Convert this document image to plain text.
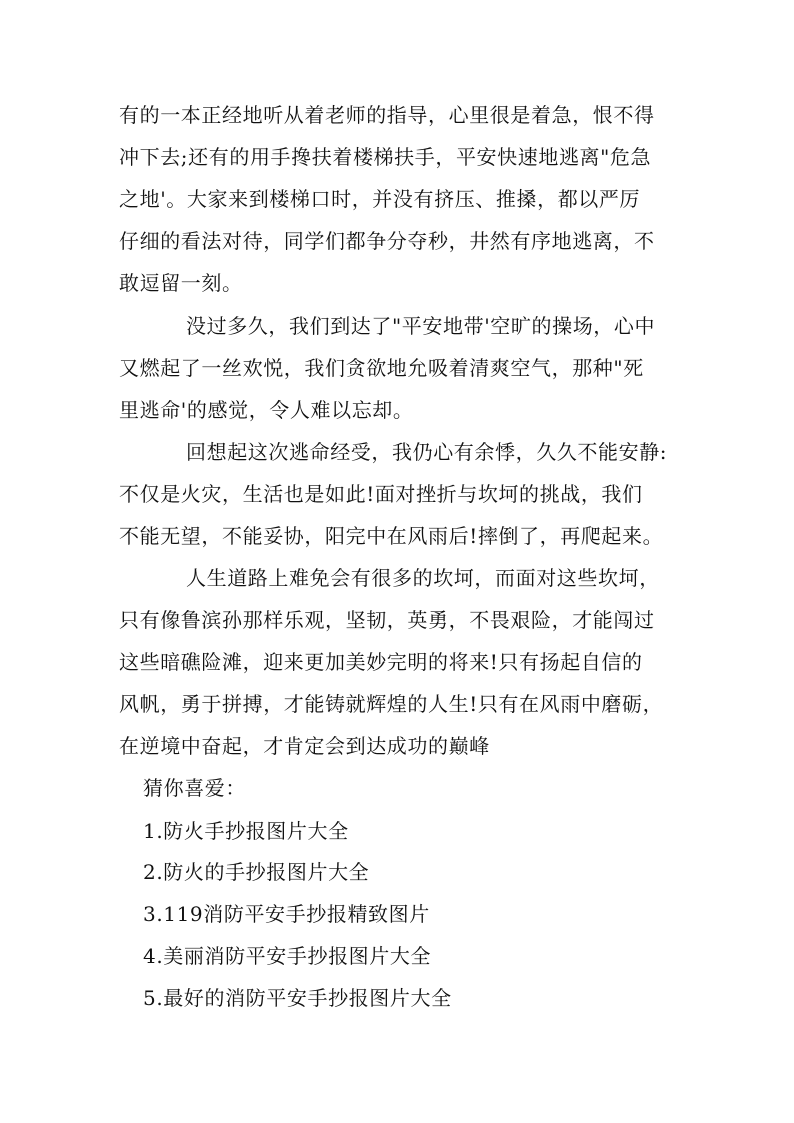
有的一本正经地听从着老师的指导，心里很是着急，恨不得
冲下去;还有的用手搀扶着楼梯扶手，平安快速地逃离"危急
之地'。大家来到楼梯口时，并没有挤压、推搡，都以严厉
仔细的看法对待，同学们都争分夺秒，井然有序地逃离，不
敢逗留一刻。
没过多久，我们到达了"平安地带'空旷的操场，心中
又燃起了一丝欢悦，我们贪欲地允吸着清爽空气，那种"死
里逃命'的感觉，令人难以忘却。
回想起这次逃命经受，我仍心有余悸，久久不能安静:
不仅是火灾，生活也是如此!面对挫折与坎坷的挑战，我们
不能无望，不能妥协，阳完中在风雨后!摔倒了，再爬起来。
人生道路上难免会有很多的坎坷，而面对这些坎坷，
只有像鲁滨孙那样乐观，坚韧，英勇，不畏艰险，才能闯过
这些暗礁险滩，迎来更加美妙完明的将来!只有扬起自信的
风帆，勇于拼搏，才能铸就辉煌的人生!只有在风雨中磨砺，
在逆境中奋起，才肯定会到达成功的巅峰
猜你喜爱：
1.防火手抄报图片大全
2.防火的手抄报图片大全
3.119消防平安手抄报精致图片
4.美丽消防平安手抄报图片大全
5.最好的消防平安手抄报图片大全
